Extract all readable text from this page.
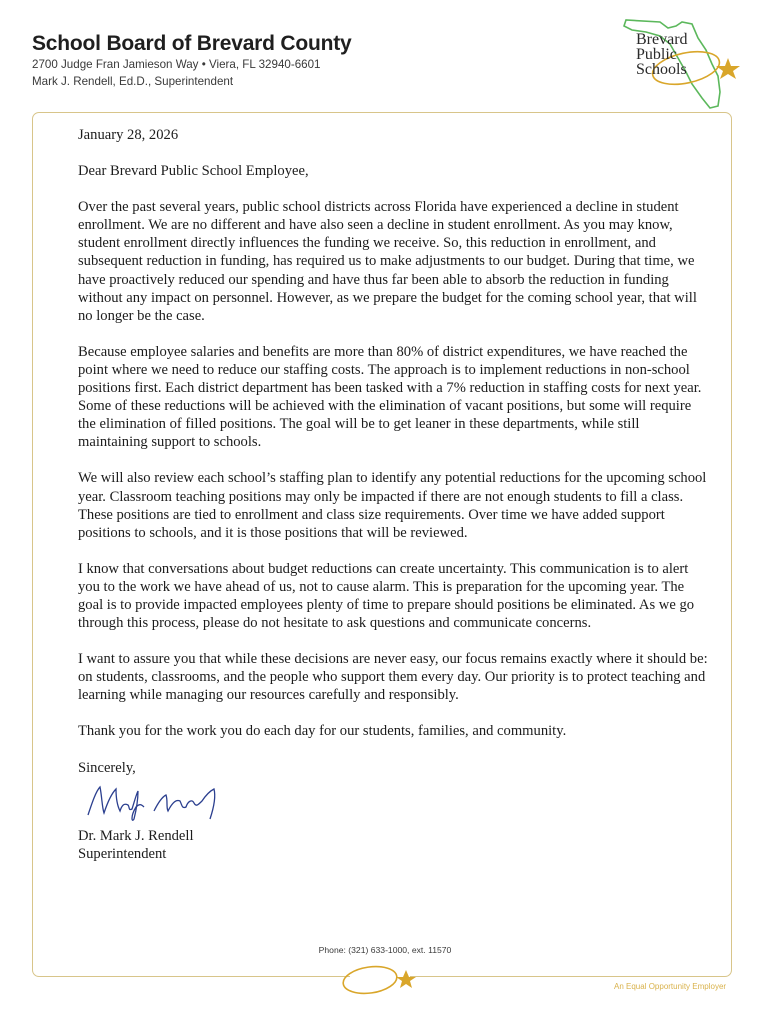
School Board of Brevard County
2700 Judge Fran Jamieson Way • Viera, FL 32940-6601
Mark J. Rendell, Ed.D., Superintendent
Brevard
Public
Schools

January 28, 2026

Dear Brevard Public School Employee,

Over the past several years, public school districts across Florida have experienced a decline in student enrollment. We are no different and have also seen a decline in student enrollment. As you may know, student enrollment directly influences the funding we receive. So, this reduction in enrollment, and subsequent reduction in funding, has required us to make adjustments to our budget. During that time, we have proactively reduced our spending and have thus far been able to absorb the reduction in funding without any impact on personnel. However, as we prepare the budget for the coming school year, that will no longer be the case.

Because employee salaries and benefits are more than 80% of district expenditures, we have reached the point where we need to reduce our staffing costs. The approach is to implement reductions in non-school positions first. Each district department has been tasked with a 7% reduction in staffing costs for next year. Some of these reductions will be achieved with the elimination of vacant positions, but some will require the elimination of filled positions. The goal will be to get leaner in these departments, while still maintaining support to schools.

We will also review each school’s staffing plan to identify any potential reductions for the upcoming school year. Classroom teaching positions may only be impacted if there are not enough students to fill a class. These positions are tied to enrollment and class size requirements. Over time we have added support positions to schools, and it is those positions that will be reviewed.

I know that conversations about budget reductions can create uncertainty. This communication is to alert you to the work we have ahead of us, not to cause alarm. This is preparation for the upcoming year. The goal is to provide impacted employees plenty of time to prepare should positions be eliminated. As we go through this process, please do not hesitate to ask questions and communicate concerns.

I want to assure you that while these decisions are never easy, our focus remains exactly where it should be: on students, classrooms, and the people who support them every day. Our priority is to protect teaching and learning while managing our resources carefully and responsibly.

Thank you for the work you do each day for our students, families, and community.

Sincerely,

Dr. Mark J. Rendell

Superintendent

Phone: (321) 633-1000, ext. 11570
An Equal Opportunity Employer
